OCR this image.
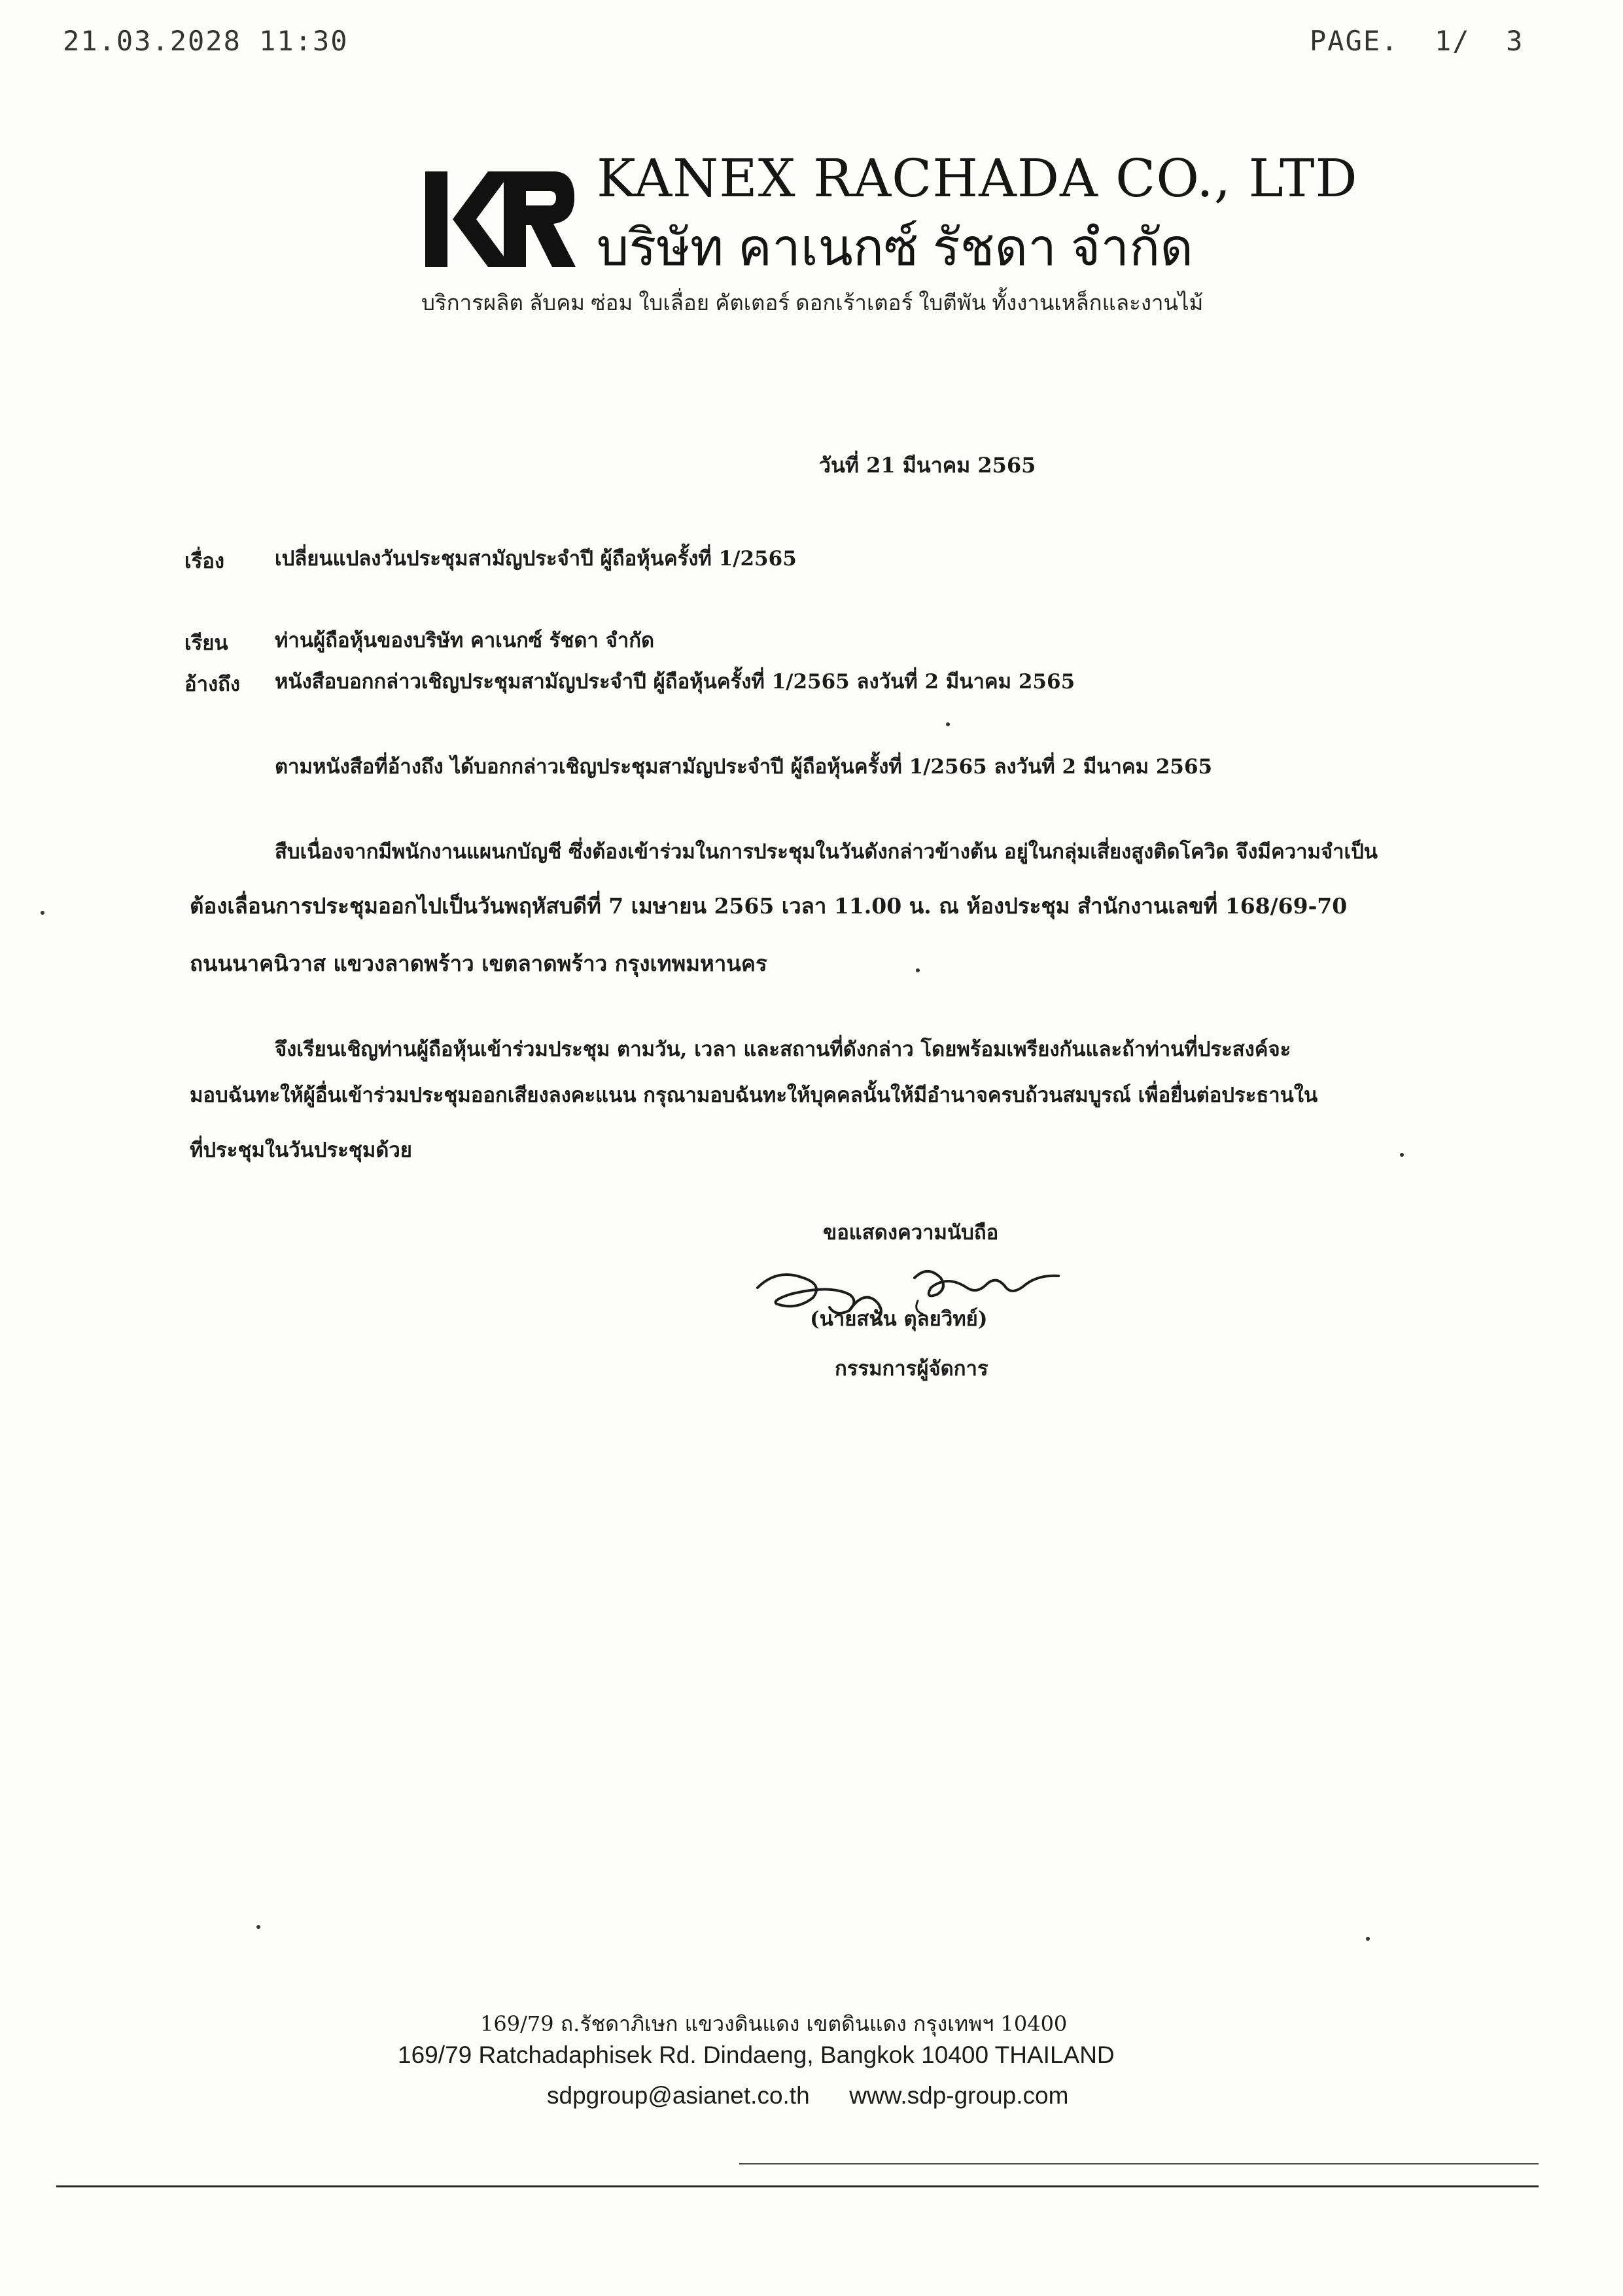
21.03.2028 11:30	PAGE.  1/  3
KANEX RACHADA CO., LTD
บริษัท คาเนกซ์ รัชดา จำกัด
บริการผลิต ลับคม ซ่อม ใบเลื่อย คัตเตอร์ ดอกเร้าเตอร์ ใบตีพัน ทั้งงานเหล็กและงานไม้
วันที่ 21 มีนาคม 2565
เรื่อง เปลี่ยนแปลงวันประชุมสามัญประจำปี ผู้ถือหุ้นครั้งที่ 1/2565
เรียน ท่านผู้ถือหุ้นของบริษัท คาเนกซ์ รัชดา จำกัด
อ้างถึง หนังสือบอกกล่าวเชิญประชุมสามัญประจำปี ผู้ถือหุ้นครั้งที่ 1/2565 ลงวันที่ 2 มีนาคม 2565
ตามหนังสือที่อ้างถึง ได้บอกกล่าวเชิญประชุมสามัญประจำปี ผู้ถือหุ้นครั้งที่ 1/2565 ลงวันที่ 2 มีนาคม 2565
สืบเนื่องจากมีพนักงานแผนกบัญชี ซึ่งต้องเข้าร่วมในการประชุมในวันดังกล่าวข้างต้น อยู่ในกลุ่มเสี่ยงสูงติดโควิด จึงมีความจำเป็น
ต้องเลื่อนการประชุมออกไปเป็นวันพฤหัสบดีที่ 7 เมษายน 2565 เวลา 11.00 น. ณ ห้องประชุม สำนักงานเลขที่ 168/69-70
ถนนนาคนิวาส แขวงลาดพร้าว เขตลาดพร้าว กรุงเทพมหานคร
จึงเรียนเชิญท่านผู้ถือหุ้นเข้าร่วมประชุม ตามวัน, เวลา และสถานที่ดังกล่าว โดยพร้อมเพรียงกันและถ้าท่านที่ประสงค์จะ
มอบฉันทะให้ผู้อื่นเข้าร่วมประชุมออกเสียงลงคะแนน กรุณามอบฉันทะให้บุคคลนั้นให้มีอำนาจครบถ้วนสมบูรณ์ เพื่อยื่นต่อประธานใน
ที่ประชุมในวันประชุมด้วย
ขอแสดงความนับถือ
(นายสนั่น ตุลยวิทย์)
กรรมการผู้จัดการ
169/79 ถ.รัชดาภิเษก แขวงดินแดง เขตดินแดง กรุงเทพฯ 10400
169/79 Ratchadaphisek Rd. Dindaeng, Bangkok 10400 THAILAND
sdpgroup@asianet.co.th www.sdp-group.com
